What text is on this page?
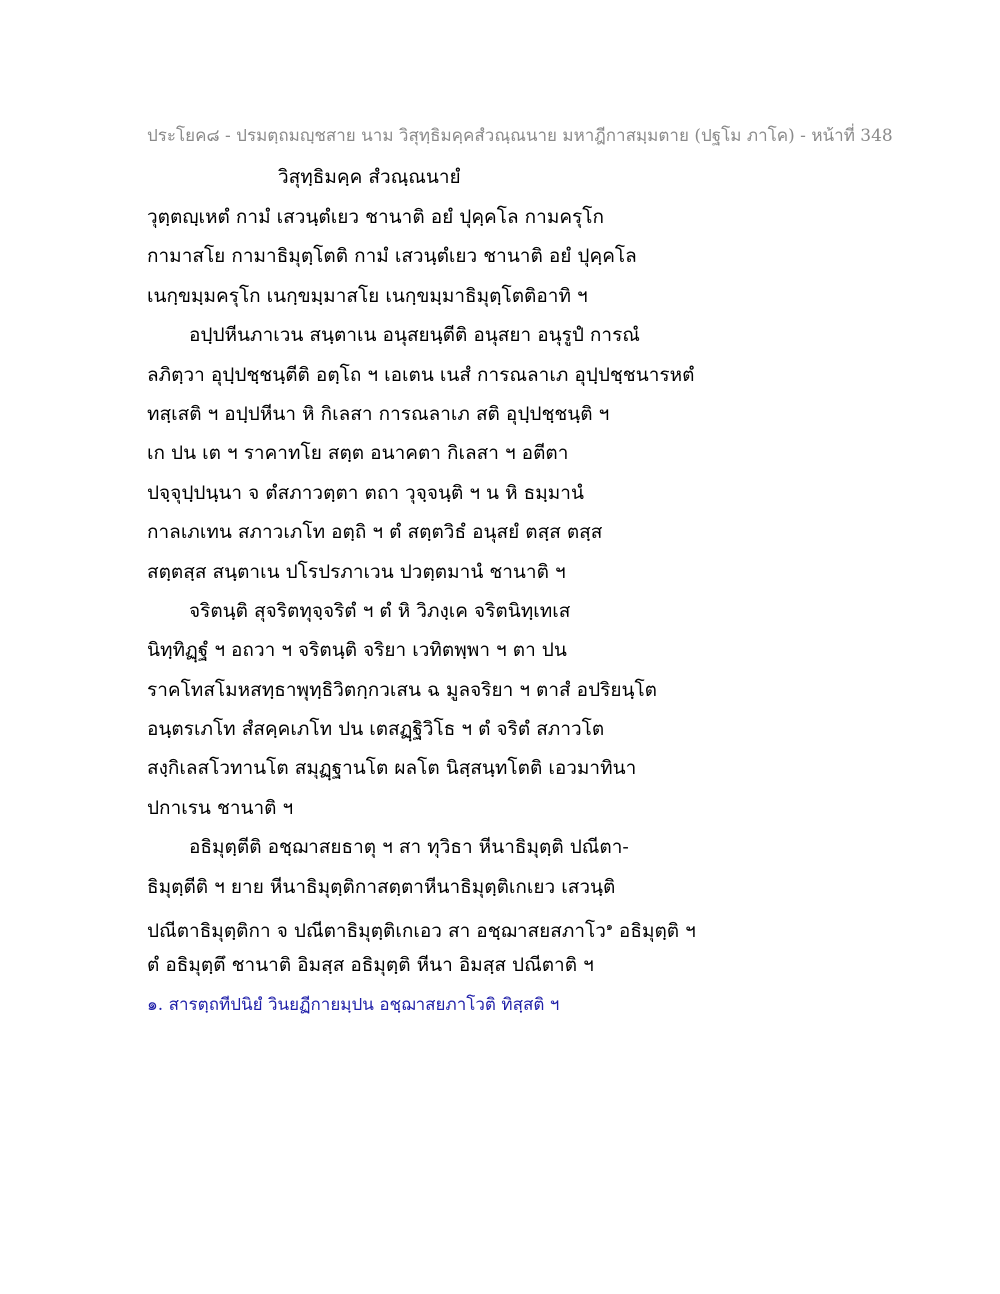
ประโยค๘ - ปรมตฺถมญฺชสาย นาม วิสุทฺธิมคฺคสํวณฺณนาย มหาฎีกาสมฺมตาย (ปฐโม ภาโค) - หน้าที่ 348
วิสุทฺธิมคฺค สํวณฺณนายํ
วุตฺตญฺเหตํ กามํ เสวนฺตํเยว ชานาติ อยํ ปุคฺคโล กามครุโก
กามาสโย กามาธิมุตฺโตติ กามํ เสวนฺตํเยว ชานาติ อยํ ปุคฺคโล
เนกฺขมฺมครุโก เนกฺขมฺมาสโย เนกฺขมฺมาธิมุตฺโตติอาทิ ฯ
อปฺปหีนภาเวน สนฺตาเน อนุสยนฺตีติ อนุสยา อนุรูปํ การณํ
ลภิตฺวา อุปฺปชฺชนฺตีติ อตฺโถ ฯ เอเตน เนสํ การณลาเภ อุปฺปชฺชนารหตํ
ทสฺเสติ ฯ อปฺปหีนา หิ กิเลสา การณลาเภ สติ อุปฺปชฺชนฺติ ฯ
เก ปน เต ฯ ราคาทโย สตฺต อนาคตา กิเลสา ฯ อตีตา
ปจฺจุปฺปนฺนา จ ตํสภาวตฺตา ตถา วุจฺจนฺติ ฯ น หิ ธมฺมานํ
กาลเภเทน สภาวเภโท อตฺถิ ฯ ตํ สตฺตวิธํ อนุสยํ ตสฺส ตสฺส
สตฺตสฺส สนฺตาเน ปโรปรภาเวน ปวตฺตมานํ ชานาติ ฯ
จริตนฺติ สุจริตทุจฺจริตํ ฯ ตํ หิ วิภงฺเค จริตนิทฺเทเส
นิทฺทิฏฺฐํ ฯ อถวา ฯ จริตนฺติ จริยา เวทิตพฺพา ฯ ตา ปน
ราคโทสโมหสทฺธาพุทฺธิวิตกฺกวเสน ฉ มูลจริยา ฯ ตาสํ อปริยนฺโต
อนฺตรเภโท สํสคฺคเภโท ปน เตสฏฺฐิวิโธ ฯ ตํ จริตํ สภาวโต
สงฺกิเลสโวทานโต สมุฏฺฐานโต ผลโต นิสฺสนฺทโตติ เอวมาทินา
ปกาเรน ชานาติ ฯ
อธิมุตฺตีติ อชฺฌาสยธาตุ ฯ สา ทุวิธา หีนาธิมุตฺติ ปณีตา-
ธิมุตฺตีติ ฯ ยาย หีนาธิมุตฺติกาสตฺตาหีนาธิมุตฺติเกเยว เสวนฺติ
ปณีตาธิมุตฺติกา จ ปณีตาธิมุตฺติเกเอว สา อชฺฌาสยสภาโว$^๑$ อธิมุตฺติ ฯ
ตํ อธิมุตฺตึ ชานาติ อิมสฺส อธิมุตฺติ หีนา อิมสฺส ปณีตาติ ฯ
๑. สารตฺถทีปนิยํ วินยฏีกายมฺปน อชฺฌาสยภาโวติ ทิสฺสติ ฯ
